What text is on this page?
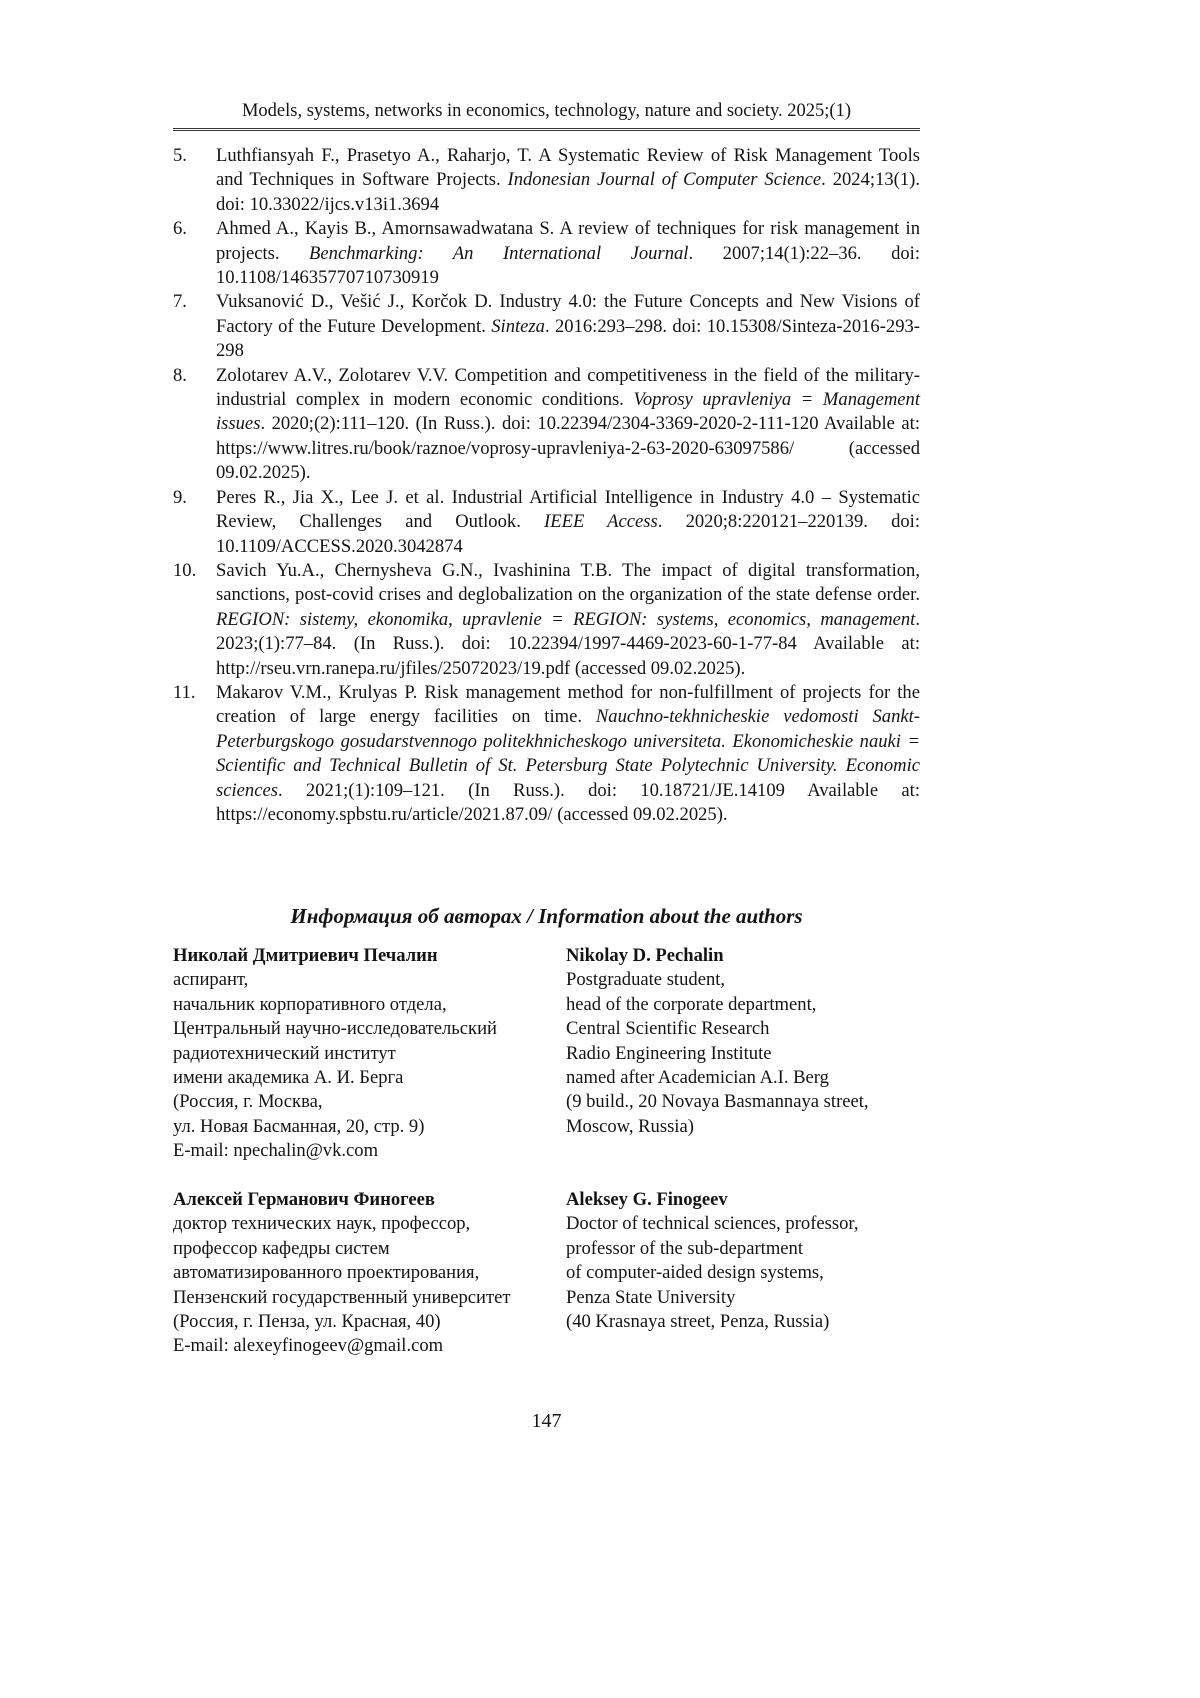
Models, systems, networks in economics, technology, nature and society. 2025;(1)
5.	Luthfiansyah F., Prasetyo A., Raharjo, T. A Systematic Review of Risk Management Tools and Techniques in Software Projects. Indonesian Journal of Computer Science. 2024;13(1). doi: 10.33022/ijcs.v13i1.3694
6.	Ahmed A., Kayis B., Amornsawadwatana S. A review of techniques for risk management in projects. Benchmarking: An International Journal. 2007;14(1):22–36. doi: 10.1108/14635770710730919
7.	Vuksanović D., Vešić J., Korčok D. Industry 4.0: the Future Concepts and New Visions of Factory of the Future Development. Sinteza. 2016:293–298. doi: 10.15308/Sinteza-2016-293-298
8.	Zolotarev A.V., Zolotarev V.V. Competition and competitiveness in the field of the military-industrial complex in modern economic conditions. Voprosy upravleniya = Management issues. 2020;(2):111–120. (In Russ.). doi: 10.22394/2304-3369-2020-2-111-120 Available at: https://www.litres.ru/book/raznoe/voprosy-upravleniya-2-63-2020-63097586/ (accessed 09.02.2025).
9.	Peres R., Jia X., Lee J. et al. Industrial Artificial Intelligence in Industry 4.0 – Systematic Review, Challenges and Outlook. IEEE Access. 2020;8:220121–220139. doi: 10.1109/ACCESS.2020.3042874
10.	Savich Yu.A., Chernysheva G.N., Ivashinina T.B. The impact of digital transformation, sanctions, post-covid crises and deglobalization on the organization of the state defense order. REGION: sistemy, ekonomika, upravlenie = REGION: systems, economics, management. 2023;(1):77–84. (In Russ.). doi: 10.22394/1997-4469-2023-60-1-77-84 Available at: http://rseu.vrn.ranepa.ru/jfiles/25072023/19.pdf (accessed 09.02.2025).
11.	Makarov V.M., Krulyas P. Risk management method for non-fulfillment of projects for the creation of large energy facilities on time. Nauchno-tekhnicheskie vedomosti Sankt-Peterburgskogo gosudarstvennogo politekhnicheskogo universiteta. Ekonomicheskie nauki = Scientific and Technical Bulletin of St. Petersburg State Polytechnic University. Economic sciences. 2021;(1):109–121. (In Russ.). doi: 10.18721/JE.14109 Available at: https://economy.spbstu.ru/article/2021.87.09/ (accessed 09.02.2025).
Информация об авторах / Information about the authors
Николай Дмитриевич Печалин
аспирант,
начальник корпоративного отдела,
Центральный научно-исследовательский
радиотехнический институт
имени академика А. И. Берга
(Россия, г. Москва,
ул. Новая Басманная, 20, стр. 9)
E-mail: npechalin@vk.com
Nikolay D. Pechalin
Postgraduate student,
head of the corporate department,
Central Scientific Research
Radio Engineering Institute
named after Academician A.I. Berg
(9 build., 20 Novaya Basmannaya street,
Moscow, Russia)
Алексей Германович Финогеев
доктор технических наук, профессор,
профессор кафедры систем
автоматизированного проектирования,
Пензенский государственный университет
(Россия, г. Пенза, ул. Красная, 40)
E-mail: alexeyfinogeev@gmail.com
Aleksey G. Finogeev
Doctor of technical sciences, professor,
professor of the sub-department
of computer-aided design systems,
Penza State University
(40 Krasnaya street, Penza, Russia)
147
